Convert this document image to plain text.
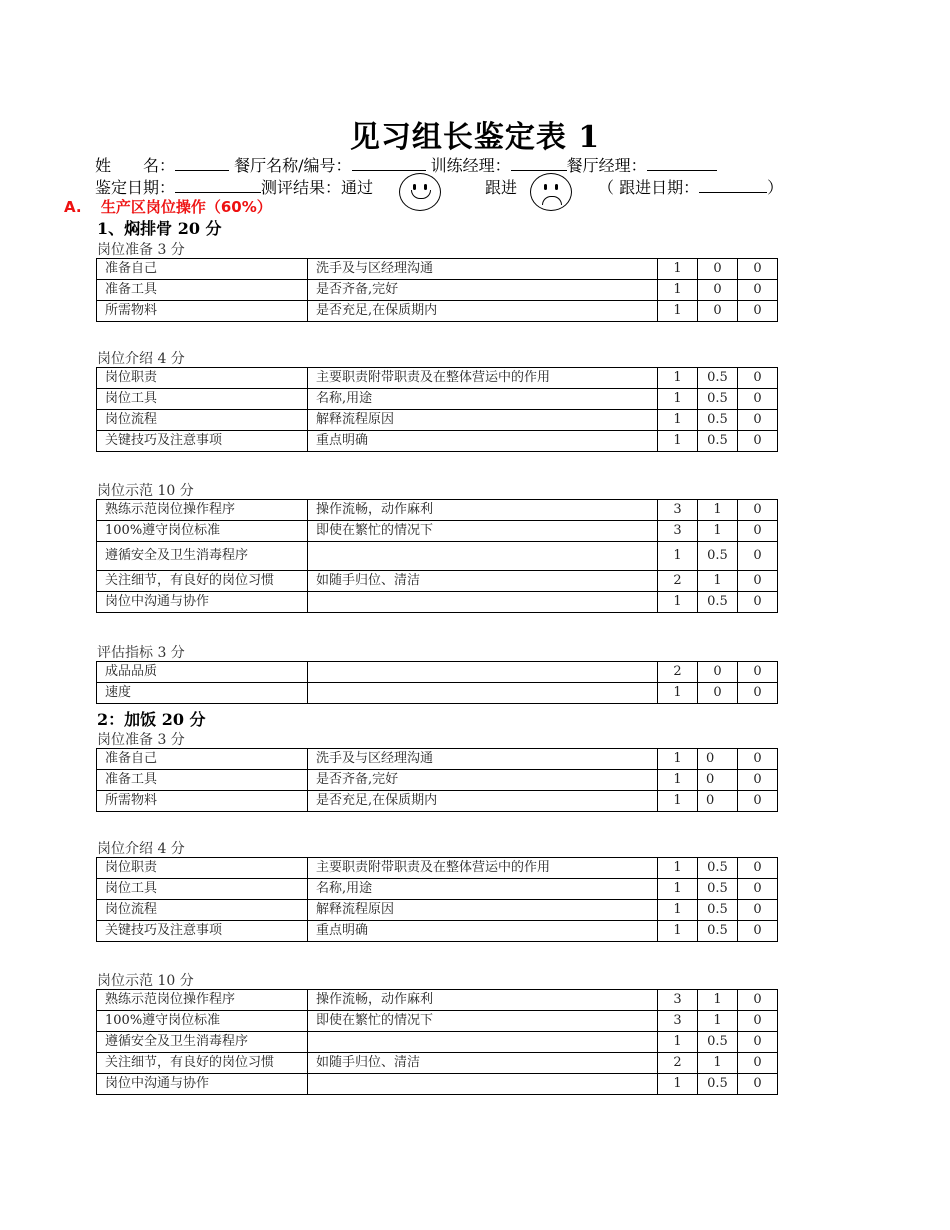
见习组长鉴定表 1
姓　　名：	餐厅名称/编号：	训练经理：	餐厅经理：
鉴定日期：	测评结果：通过	跟进	（ 跟进日期：	）
A. 生产区岗位操作（60%）
1、焖排骨 20 分
岗位准备 3 分
准备自己	洗手及与区经理沟通	1	0	0
准备工具	是否齐备,完好	1	0	0
所需物料	是否充足,在保质期内	1	0	0
岗位介绍 4 分
岗位职责	主要职责附带职责及在整体营运中的作用	1	0.5	0
岗位工具	名称,用途	1	0.5	0
岗位流程	解释流程原因	1	0.5	0
关键技巧及注意事项	重点明确	1	0.5	0
岗位示范 10 分
熟练示范岗位操作程序	操作流畅，动作麻利	3	1	0
100%遵守岗位标准	即使在繁忙的情况下	3	1	0
遵循安全及卫生消毒程序		1	0.5	0
关注细节，有良好的岗位习惯	如随手归位、清洁	2	1	0
岗位中沟通与协作		1	0.5	0
评估指标 3 分
成品品质		2	0	0
速度		1	0	0
2：加饭 20 分
岗位准备 3 分
准备自己	洗手及与区经理沟通	1	0	0
准备工具	是否齐备,完好	1	0	0
所需物料	是否充足,在保质期内	1	0	0
岗位介绍 4 分
岗位职责	主要职责附带职责及在整体营运中的作用	1	0.5	0
岗位工具	名称,用途	1	0.5	0
岗位流程	解释流程原因	1	0.5	0
关键技巧及注意事项	重点明确	1	0.5	0
岗位示范 10 分
熟练示范岗位操作程序	操作流畅，动作麻利	3	1	0
100%遵守岗位标准	即使在繁忙的情况下	3	1	0
遵循安全及卫生消毒程序		1	0.5	0
关注细节，有良好的岗位习惯	如随手归位、清洁	2	1	0
岗位中沟通与协作		1	0.5	0
